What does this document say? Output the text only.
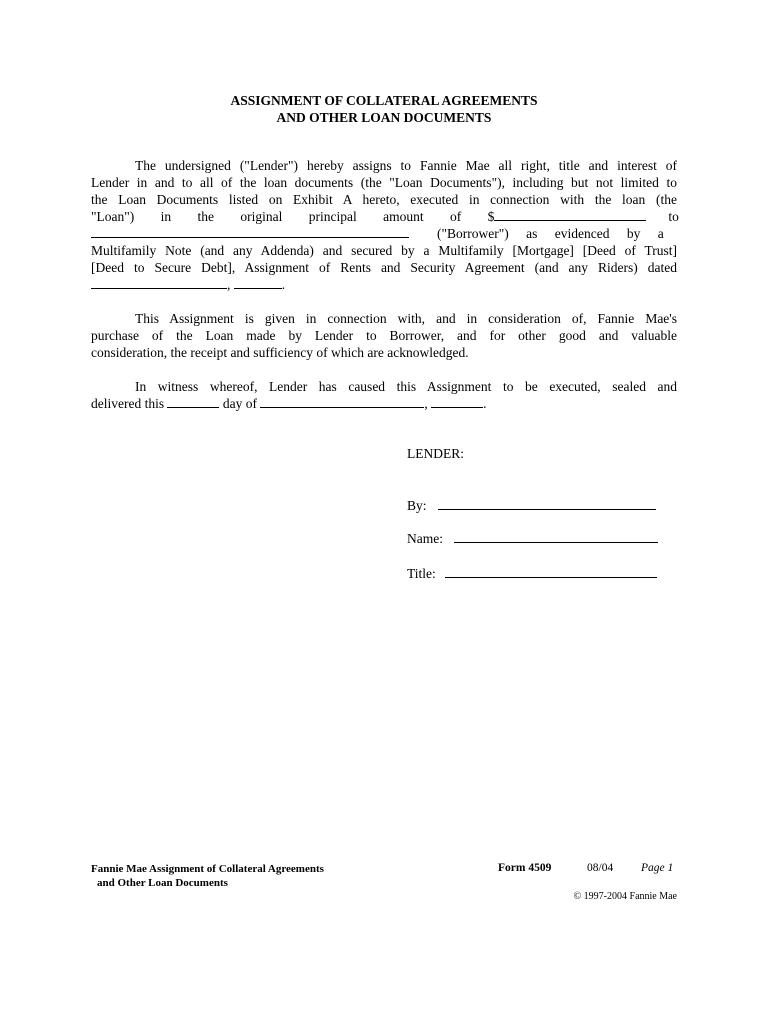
ASSIGNMENT OF COLLATERAL AGREEMENTS
AND OTHER LOAN DOCUMENTS
The undersigned ("Lender") hereby assigns to Fannie Mae all right, title and interest of
Lender in and to all of the loan documents (the "Loan Documents"), including but not limited to
the Loan Documents listed on Exhibit A hereto, executed in connection with the loan (the
"Loan") in the original principal amount of $	to
("Borrower") as evidenced by a
Multifamily Note (and any Addenda) and secured by a Multifamily [Mortgage] [Deed of Trust]
[Deed to Secure Debt], Assignment of Rents and Security Agreement (and any Riders) dated
,	.
This Assignment is given in connection with, and in consideration of, Fannie Mae's
purchase of the Loan made by Lender to Borrower, and for other good and valuable
consideration, the receipt and sufficiency of which are acknowledged.
In witness whereof, Lender has caused this Assignment to be executed, sealed and
delivered this	day of	,	.
LENDER:
By:
Name:
Title:
Fannie Mae Assignment of Collateral Agreements
and Other Loan Documents
Form 4509	08/04 Page 1
© 1997-2004 Fannie Mae
